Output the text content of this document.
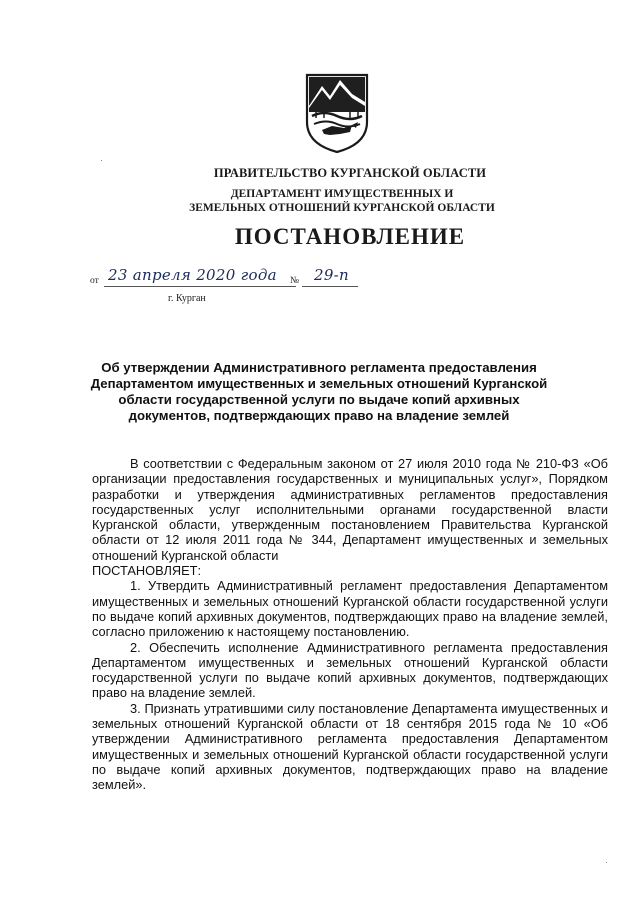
ПРАВИТЕЛЬСТВО КУРГАНСКОЙ ОБЛАСТИ
ДЕПАРТАМЕНТ ИМУЩЕСТВЕННЫХ И
ЗЕМЕЛЬНЫХ ОТНОШЕНИЙ КУРГАНСКОЙ ОБЛАСТИ
ПОСТАНОВЛЕНИЕ
от 23 апреля 2020 года № 29-п
г. Курган
Об утверждении Административного регламента предоставления Департаментом имущественных и земельных отношений Курганской области государственной услуги по выдаче копий архивных документов, подтверждающих право на владение землей

В соответствии с Федеральным законом от 27 июля 2010 года № 210-ФЗ «Об организации предоставления государственных и муниципальных услуг», Порядком разработки и утверждения административных регламентов предоставления государственных услуг исполнительными органами государственной власти Курганской области, утвержденным постановлением Правительства Курганской области от 12 июля 2011 года № 344, Департамент имущественных и земельных отношений Курганской области

ПОСТАНОВЛЯЕТ:

1. Утвердить Административный регламент предоставления Департаментом имущественных и земельных отношений Курганской области государственной услуги по выдаче копий архивных документов, подтверждающих право на владение землей, согласно приложению к настоящему постановлению.

2. Обеспечить исполнение Административного регламента предоставления Департаментом имущественных и земельных отношений Курганской области государственной услуги по выдаче копий архивных документов, подтверждающих право на владение землей.

3. Признать утратившими силу постановление Департамента имущественных и земельных отношений Курганской области от 18 сентября 2015 года № 10 «Об утверждении Административного регламента предоставления Департаментом имущественных и земельных отношений Курганской области государственной услуги по выдаче копий архивных документов, подтверждающих право на владение землей».
